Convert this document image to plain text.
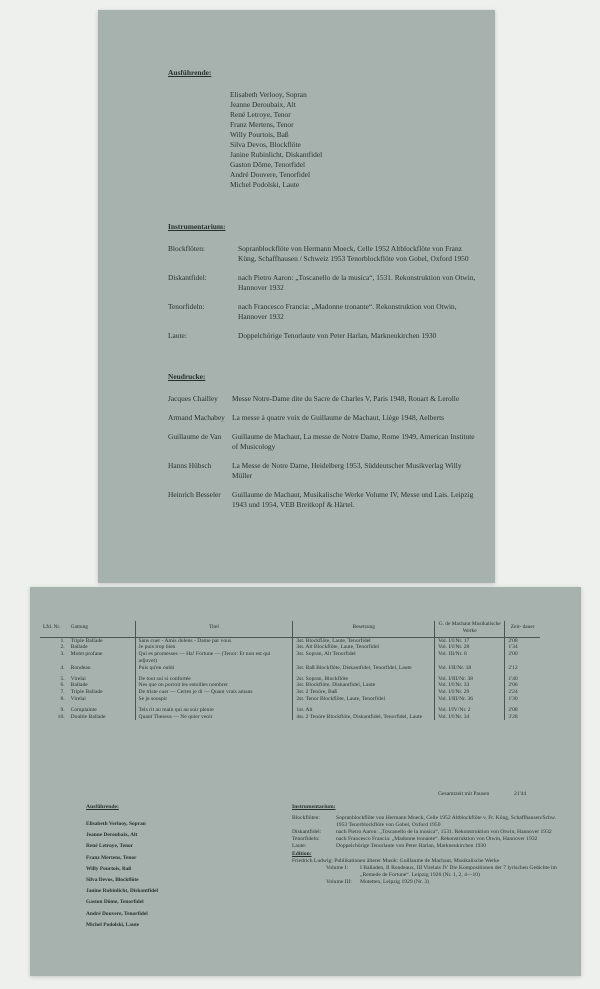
Ausführende:
Elisabeth Verlooy, Sopran
Jeanne Deroubaix, Alt
René Letroye, Tenor
Franz Mertens, Tenor
Willy Pourtois, Baß
Silva Devos, Blockflöte
Janine Rubinlicht, Diskantfidel
Gaston Dôme, Tenorfidel
André Douvere, Tenorfidel
Michel Podolski, Laute
Instrumentarium:
Blockflöten:	Sopranblockflöte von Hermann Moeck, Celle 1952 Altblockflöte von Franz Küng, Schaffhausen / Schweiz 1953 Tenorblockflöte von Gobel, Oxford 1950
Diskantfidel:	nach Pietro Aaron: „Toscanello de la musica“, 1531. Rekonstruktion von Otwin, Hannover 1932
Tenorfideln:	nach Francesco Francia: „Madonne tronante“. Rekonstruktion von Otwin, Hannover 1932
Laute:	Doppelchörige Tenorlaute von Peter Harlan, Markneukirchen 1930
Neudrucke:
Jacques Chailley	Messe Notre-Dame dite du Sacre de Charles V, Paris 1948, Rouart & Lerolle
Armand Machabey La messe à quatre voix de Guillaume de Machaut, Liège 1948, Aelberts
Guillaume de Van	Guillaume de Machaut, La messe de Notre Dame, Rome 1949, American Institute of Musicology
Hanns Hübsch	La Messe de Notre Dame, Heidelberg 1953, Süddeutscher Musikverlag Willy Müller
Heinrich Besseler	Guillaume de Machaut, Musikalische Werke Volume IV, Messe und Lais. Leipzig 1943 und 1954, VEB Breitkopf & Härtel.
Lfd. Nr.	Gattung	Titel	Besetzung	G. de Machaut Musikalische Werke	Zeit- dauer
1.	Triple Ballade	Sans cuer - Amis dolens - Dame par vous	3st. Blockflöte, Laute, Tenorfidel	Vol. I/I/Nr. 17	2'08
2.	Ballade	Je puis trop bien	3st. Alt Blockflöte, Laute, Tenorfidel	Vol. I/I/Nr. 28	1'34
3.	Motet profane	Qui es promesses — Ha! Fortune — (Tenor: Et non est qui adjuvet)	3st. Sopran, Alt Tenorfidel	Vol. III/Nr. 8	2'00
4.	Rondeau	Puis qu'en oubli	3st. Baß Blockflöte, Diskantfidel, Tenorfidel, Laute	Vol. I/II/Nr. 18	2'12

5.	Virelai	De tout sui si confortée	2st. Sopran, Blockflöte	Vol. I/III/Nr. 38	1'40
6.	Ballade	Nes que on porroit les estoilles nombrer	3st. Blockflöte, Diskantfidel, Laute	Vol. I/I/Nr. 33	2'06
7.	Triple Ballade	De triste cuer — Certes je di — Quant vrais amans	3st. 2 Tenöre, Baß	Vol. I/I/Nr. 29	2'24
8.	Virelai	Se je souspir	2st. Tenor Blockflöte, Laute, Tenorfidel	Vol. I/III/Nr. 36	1'30

9.	Complainte	Tels rit au main qui au soir pleure	1st. Alt	Vol. I/IV/Nr. 2	2'08
10.	Double Ballade	Quant Theseus — Ne quier veoir	4st. 2 Tenöre Blockflöte, Diskantfidel, Tenorfidel, Laute	Vol. I/I/Nr. 34	3'28
Gesamtzeit mit Pausen	21'44
Ausführende:
Elisabeth Verlooy, Sopran
Jeanne Deroubaix, Alt
René Letroye, Tenor
Franz Mertens, Tenor
Willy Pourtois, Baß
Silva Devos, Blockflöte
Janine Rubinlicht, Diskantfidel
Gaston Dôme, Tenorfidel
André Douvere, Tenorfidel
Michel Podolski, Laute
Instrumentarium:
Blockflöten:	Sopranblockflöte von Hermann Moeck, Celle 1952 Altblockflöte v. Fr. Küng, Schaffhausen/Schw. 1953 Tenorblockflöte von Gobel, Oxford 1950
Diskantfidel:	nach Pietro Aaron: „Toscanello de la musica“, 1531. Rekonstruktion von Otwin, Hannover 1932
Tenorfideln:	nach Francesco Francia: „Madonne tronante“. Rekonstruktion von Otwin, Hannover 1932
Laute:	Doppelchörige Tenorlaute von Peter Harlan, Markneukirchen 1930
Edition:
Friedrich Ludwig: Publikationen älterer Musik: Guillaume de Machaut, Musikalische Werke
Volume I:	I Balladen, II Rondeaux, III Virelais IV Die Kompositionen der 7 lyrischen Gedichte im „Remede de Fortune“. Leipzig 1926 (Nr. 1, 2, 4—10)
Volume III:	Motetten, Leipzig 1929 (Nr. 3)
